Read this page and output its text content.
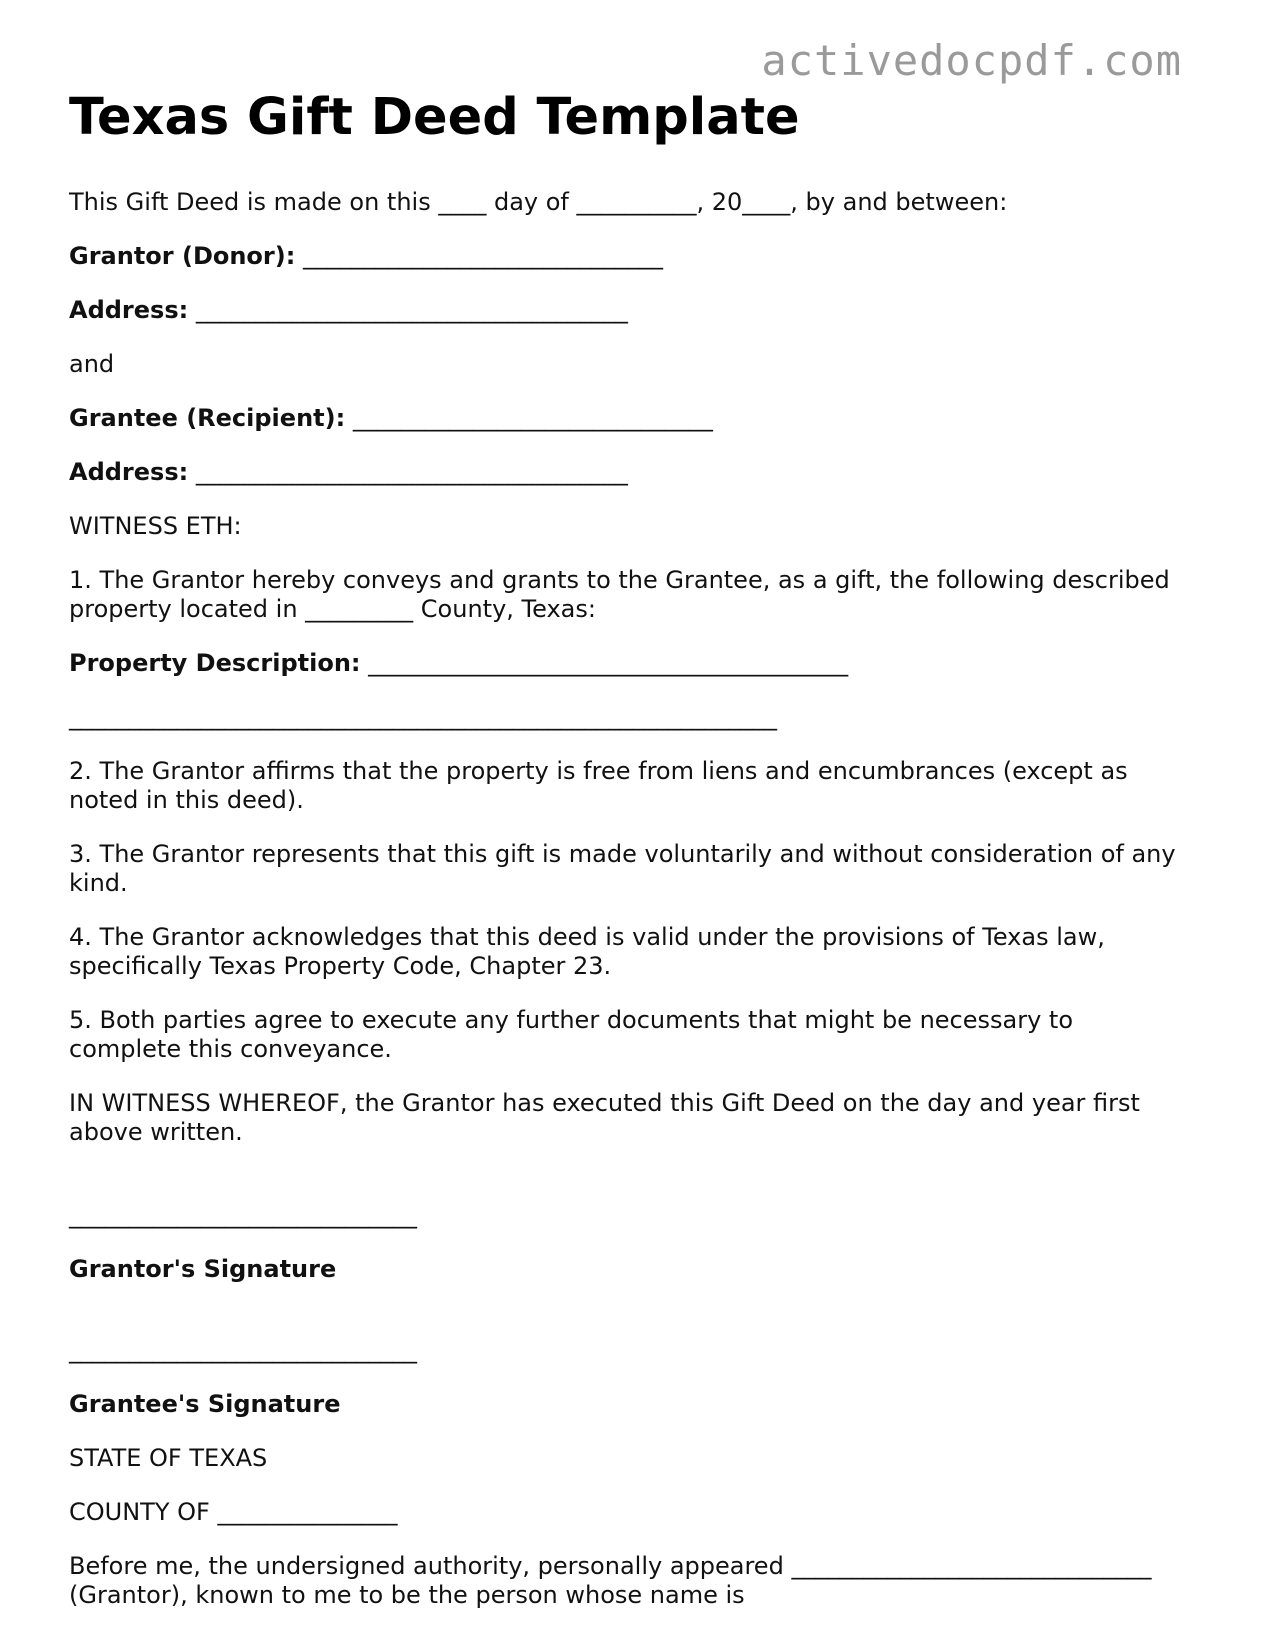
activedocpdf.com
Texas Gift Deed Template

This Gift Deed is made on this ____ day of __________, 20____, by and between:

Grantor (Donor): ______________________________

Address: ____________________________________

and

Grantee (Recipient): ______________________________

Address: ____________________________________

WITNESS ETH:

1. The Grantor hereby conveys and grants to the Grantee, as a gift, the following described property located in _________ County, Texas:

Property Description: ________________________________________

___________________________________________________________

2. The Grantor affirms that the property is free from liens and encumbrances (except as noted in this deed).

3. The Grantor represents that this gift is made voluntarily and without consideration of any kind.

4. The Grantor acknowledges that this deed is valid under the provisions of Texas law, specifically Texas Property Code, Chapter 23.

5. Both parties agree to execute any further documents that might be necessary to complete this conveyance.

IN WITNESS WHEREOF, the Grantor has executed this Gift Deed on the day and year first above written.

_____________________________

Grantor's Signature

_____________________________

Grantee's Signature

STATE OF TEXAS

COUNTY OF _______________

Before me, the undersigned authority, personally appeared ______________________________ (Grantor), known to me to be the person whose name is
